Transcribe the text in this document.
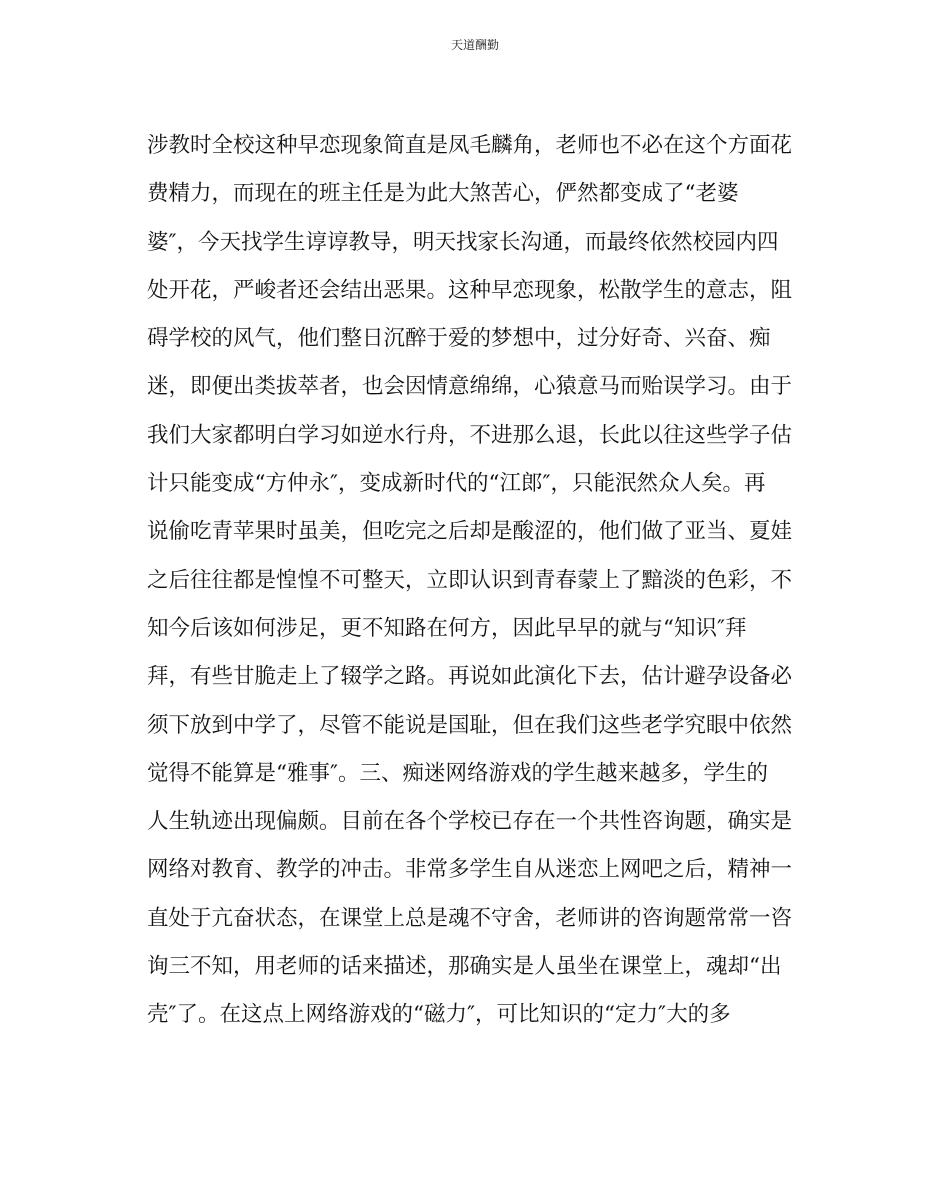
天道酬勤
涉教时全校这种早恋现象简直是凤毛麟角，老师也不必在这个方面花
费精力，而现在的班主任是为此大煞苦心，俨然都变成了“老婆
婆″，今天找学生谆谆教导，明天找家长沟通，而最终依然校园内四
处开花，严峻者还会结出恶果。这种早恋现象，松散学生的意志，阻
碍学校的风气，他们整日沉醉于爱的梦想中，过分好奇、兴奋、痴
迷，即便出类拔萃者，也会因情意绵绵，心猿意马而贻误学习。由于
我们大家都明白学习如逆水行舟，不进那么退，长此以往这些学子估
计只能变成“方仲永″，变成新时代的“江郎″，只能泯然众人矣。再
说偷吃青苹果时虽美，但吃完之后却是酸涩的，他们做了亚当、夏娃
之后往往都是惶惶不可整天，立即认识到青春蒙上了黯淡的色彩，不
知今后该如何涉足，更不知路在何方，因此早早的就与“知识″拜
拜，有些甘脆走上了辍学之路。再说如此演化下去，估计避孕设备必
须下放到中学了，尽管不能说是国耻，但在我们这些老学究眼中依然
觉得不能算是“雅事″。三、痴迷网络游戏的学生越来越多，学生的
人生轨迹出现偏颇。目前在各个学校已存在一个共性咨询题，确实是
网络对教育、教学的冲击。非常多学生自从迷恋上网吧之后，精神一
直处于亢奋状态，在课堂上总是魂不守舍，老师讲的咨询题常常一咨
询三不知，用老师的话来描述，那确实是人虽坐在课堂上，魂却“出
壳″了。在这点上网络游戏的“磁力″，可比知识的“定力″大的多
